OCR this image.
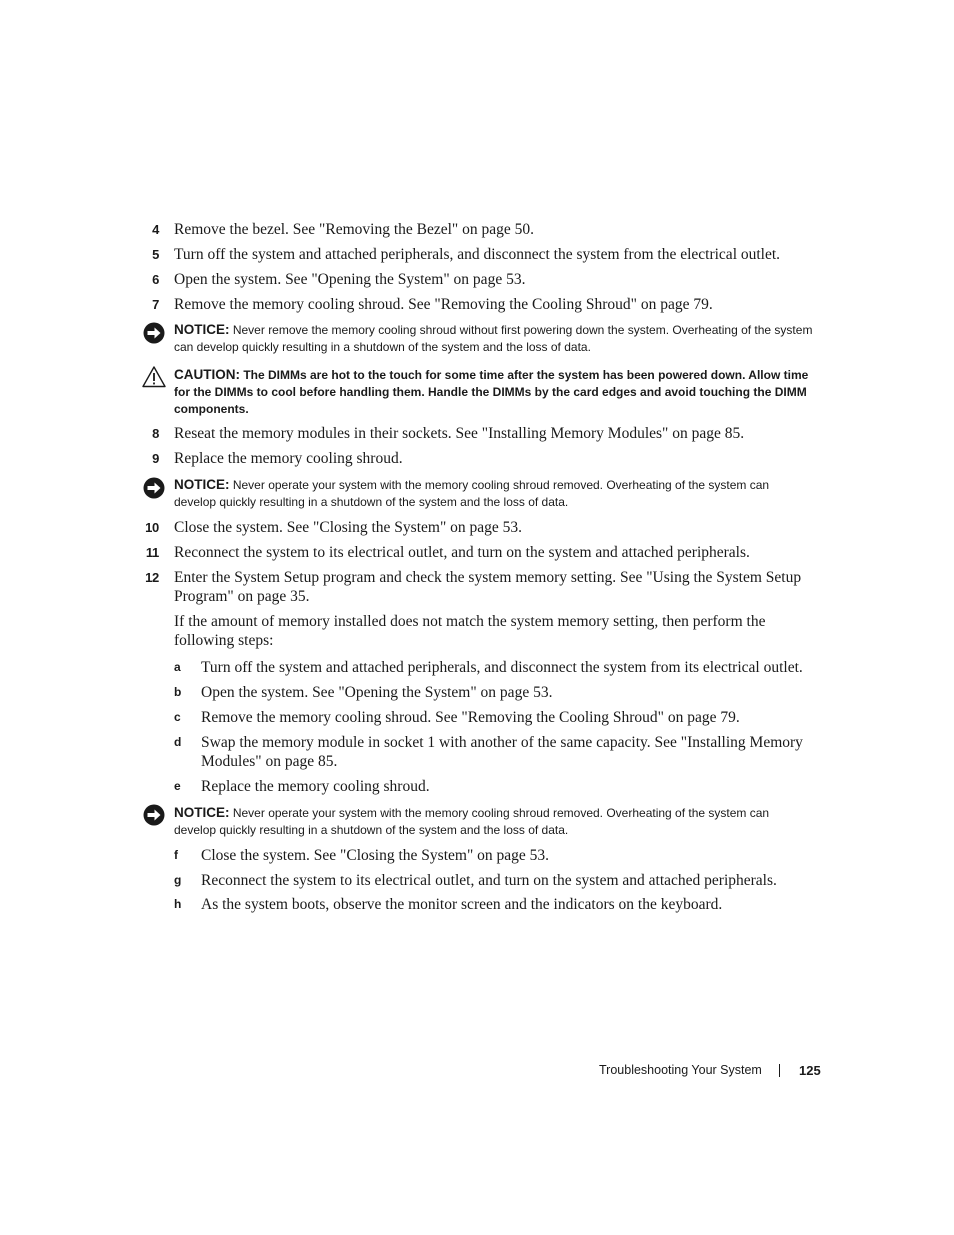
4 Remove the bezel. See "Removing the Bezel" on page 50.
5 Turn off the system and attached peripherals, and disconnect the system from the electrical outlet.
6 Open the system. See "Opening the System" on page 53.
7 Remove the memory cooling shroud. See "Removing the Cooling Shroud" on page 79.
NOTICE: Never remove the memory cooling shroud without first powering down the system. Overheating of the system can develop quickly resulting in a shutdown of the system and the loss of data.
CAUTION: The DIMMs are hot to the touch for some time after the system has been powered down. Allow time for the DIMMs to cool before handling them. Handle the DIMMs by the card edges and avoid touching the DIMM components.
8 Reseat the memory modules in their sockets. See "Installing Memory Modules" on page 85.
9 Replace the memory cooling shroud.
NOTICE: Never operate your system with the memory cooling shroud removed. Overheating of the system can develop quickly resulting in a shutdown of the system and the loss of data.
10 Close the system. See "Closing the System" on page 53.
11 Reconnect the system to its electrical outlet, and turn on the system and attached peripherals.
12 Enter the System Setup program and check the system memory setting. See "Using the System Setup Program" on page 35.
If the amount of memory installed does not match the system memory setting, then perform the following steps:
a Turn off the system and attached peripherals, and disconnect the system from its electrical outlet.
b Open the system. See "Opening the System" on page 53.
c Remove the memory cooling shroud. See "Removing the Cooling Shroud" on page 79.
d Swap the memory module in socket 1 with another of the same capacity. See "Installing Memory Modules" on page 85.
e Replace the memory cooling shroud.
NOTICE: Never operate your system with the memory cooling shroud removed. Overheating of the system can develop quickly resulting in a shutdown of the system and the loss of data.
f Close the system. See "Closing the System" on page 53.
g Reconnect the system to its electrical outlet, and turn on the system and attached peripherals.
h As the system boots, observe the monitor screen and the indicators on the keyboard.
Troubleshooting Your System	125
